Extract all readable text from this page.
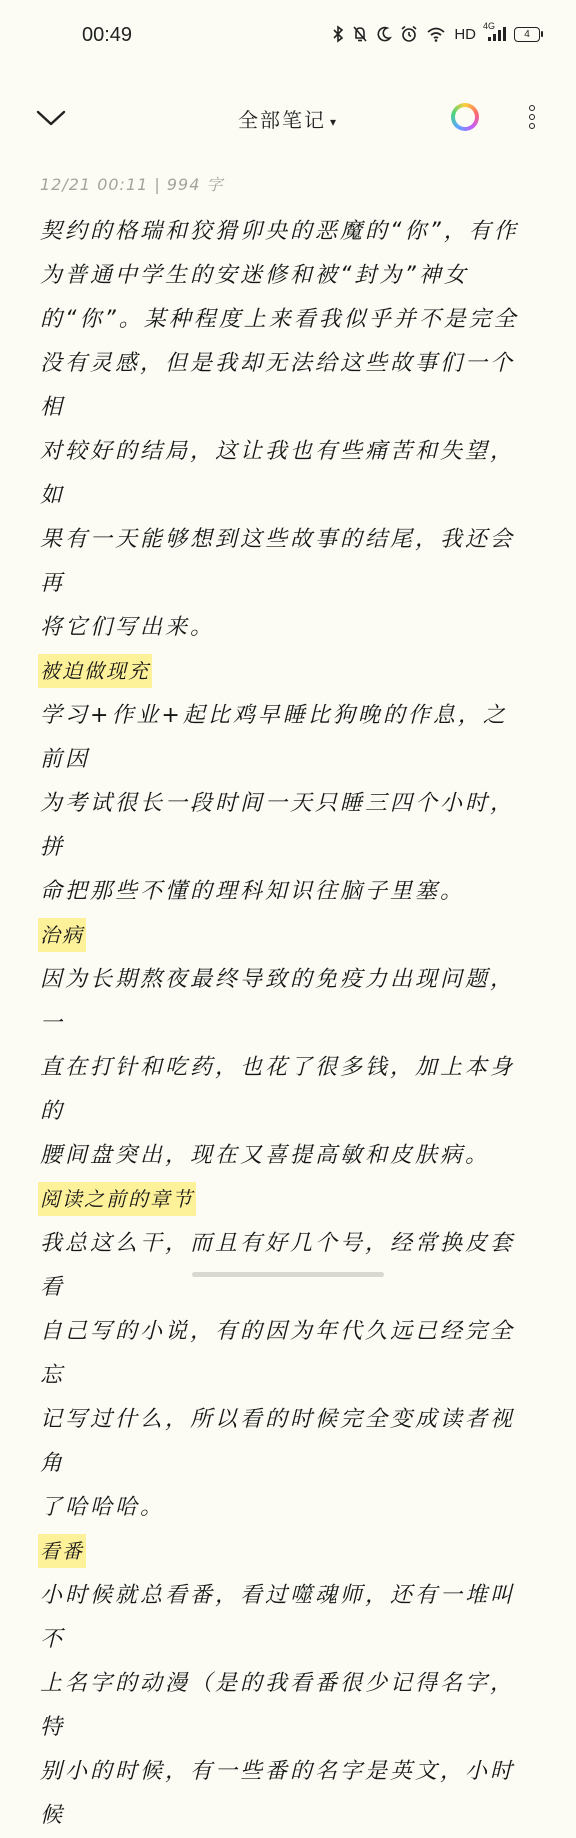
00:49	HD 4G
4
全部笔记 ▾
12/21 00:11 | 994 字

契约的格瑞和狡猾卯央的恶魔的“你”，有作
为普通中学生的安迷修和被“封为”神女
的“你”。某种程度上来看我似乎并不是完全
没有灵感，但是我却无法给这些故事们一个相
对较好的结局，这让我也有些痛苦和失望，如
果有一天能够想到这些故事的结尾，我还会再
将它们写出来。

被迫做现充

学习+作业+起比鸡早睡比狗晚的作息，之前因
为考试很长一段时间一天只睡三四个小时，拼
命把那些不懂的理科知识往脑子里塞。

治病

因为长期熬夜最终导致的免疫力出现问题，一
直在打针和吃药，也花了很多钱，加上本身的
腰间盘突出，现在又喜提高敏和皮肤病。

阅读之前的章节

我总这么干，而且有好几个号，经常换皮套看
自己写的小说，有的因为年代久远已经完全忘
记写过什么，所以看的时候完全变成读者视角
了哈哈哈。

看番

小时候就总看番，看过噬魂师，还有一堆叫不
上名字的动漫（是的我看番很少记得名字，特
别小的时候，有一些番的名字是英文，小时候
